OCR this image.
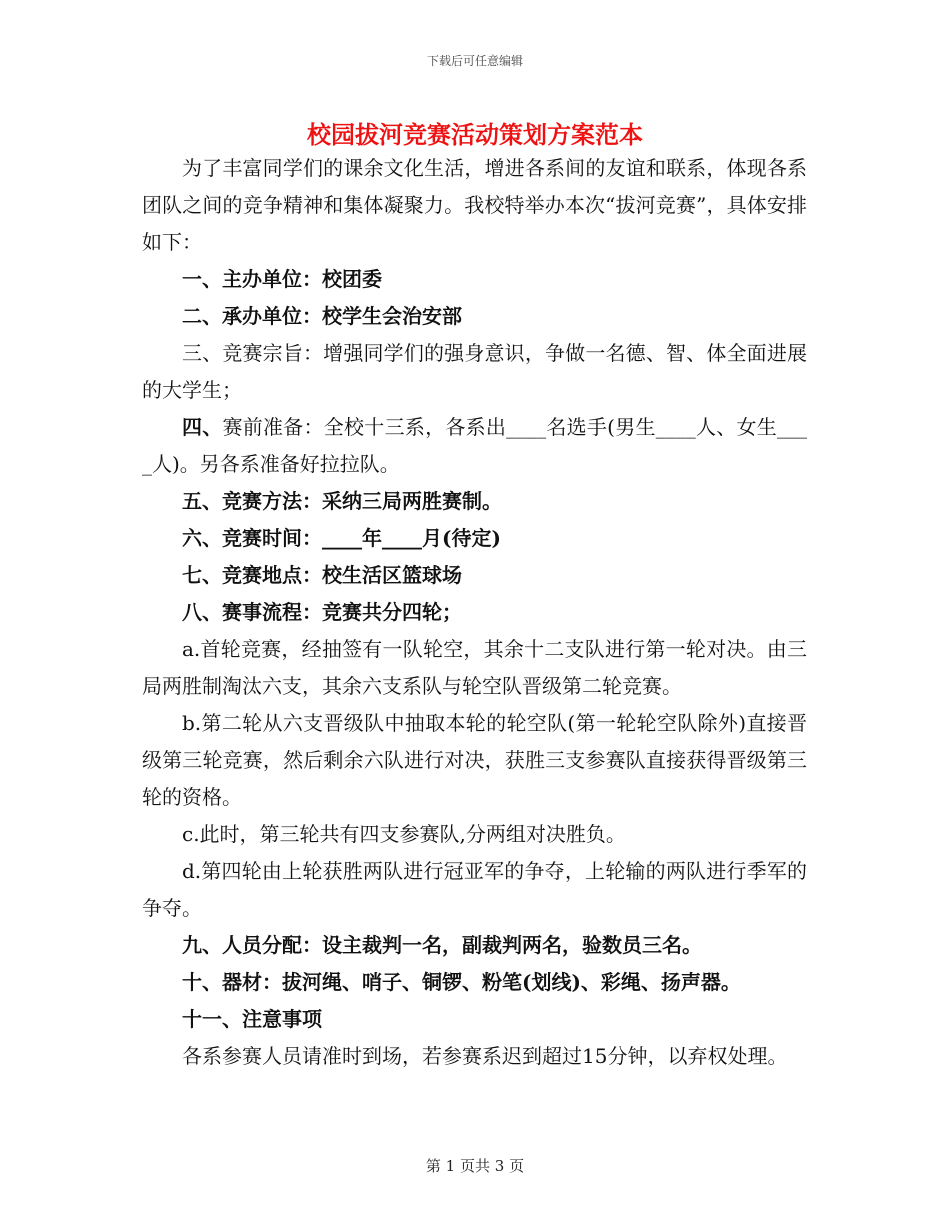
下载后可任意编辑
校园拔河竞赛活动策划方案范本

为了丰富同学们的课余文化生活，增进各系间的友谊和联系，体现各系团队之间的竞争精神和集体凝聚力。我校特举办本次“拔河竞赛”，具体安排如下：

一、主办单位：校团委

二、承办单位：校学生会治安部

三、竞赛宗旨：增强同学们的强身意识，争做一名德、智、体全面进展的大学生；

四、赛前准备：全校十三系，各系出____名选手(男生____人、女生____人)。另各系准备好拉拉队。

五、竞赛方法：采纳三局两胜赛制。

六、竞赛时间：____年____月(待定)

七、竞赛地点：校生活区篮球场

八、赛事流程：竞赛共分四轮；

a.首轮竞赛，经抽签有一队轮空，其余十二支队进行第一轮对决。由三局两胜制淘汰六支，其余六支系队与轮空队晋级第二轮竞赛。

b.第二轮从六支晋级队中抽取本轮的轮空队(第一轮轮空队除外)直接晋级第三轮竞赛，然后剩余六队进行对决，获胜三支参赛队直接获得晋级第三轮的资格。

c.此时，第三轮共有四支参赛队,分两组对决胜负。

d.第四轮由上轮获胜两队进行冠亚军的争夺，上轮输的两队进行季军的争夺。

九、人员分配：设主裁判一名，副裁判两名，验数员三名。

十、器材：拔河绳、哨子、铜锣、粉笔(划线)、彩绳、扬声器。

十一、注意事项

各系参赛人员请准时到场，若参赛系迟到超过15分钟，以弃权处理。

第 1 页共 3 页
